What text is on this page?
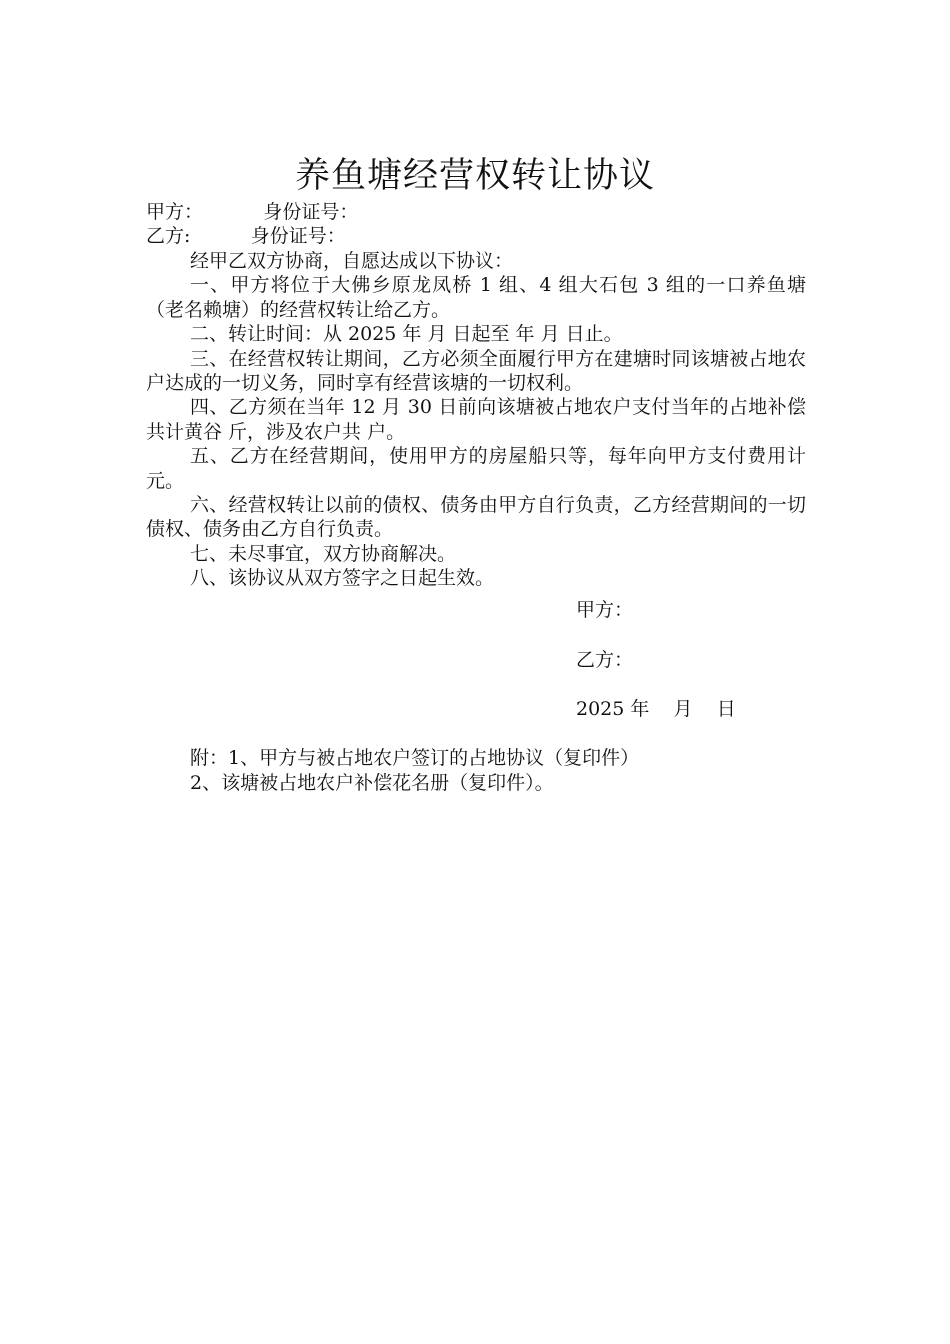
养鱼塘经营权转让协议
甲方：          身份证号：
乙方:          身份证号：

经甲乙双方协商，自愿达成以下协议：

一、甲方将位于大佛乡原龙凤桥 1 组、4 组大石包 3 组的一口养鱼塘（老名赖塘）的经营权转让给乙方。

二、转让时间：从 2025 年 月 日起至 年 月 日止。

三、在经营权转让期间，乙方必须全面履行甲方在建塘时同该塘被占地农户达成的一切义务，同时享有经营该塘的一切权利。

四、乙方须在当年 12 月 30 日前向该塘被占地农户支付当年的占地补偿共计黄谷 斤，涉及农户共 户。

五、乙方在经营期间，使用甲方的房屋船只等，每年向甲方支付费用计 元。

六、经营权转让以前的债权、债务由甲方自行负责，乙方经营期间的一切债权、债务由乙方自行负责。

七、未尽事宜，双方协商解决。

八、该协议从双方签字之日起生效。

甲方：
乙方：
2025 年    月    日
附：1、甲方与被占地农户签订的占地协议（复印件）
2、该塘被占地农户补偿花名册（复印件）。
